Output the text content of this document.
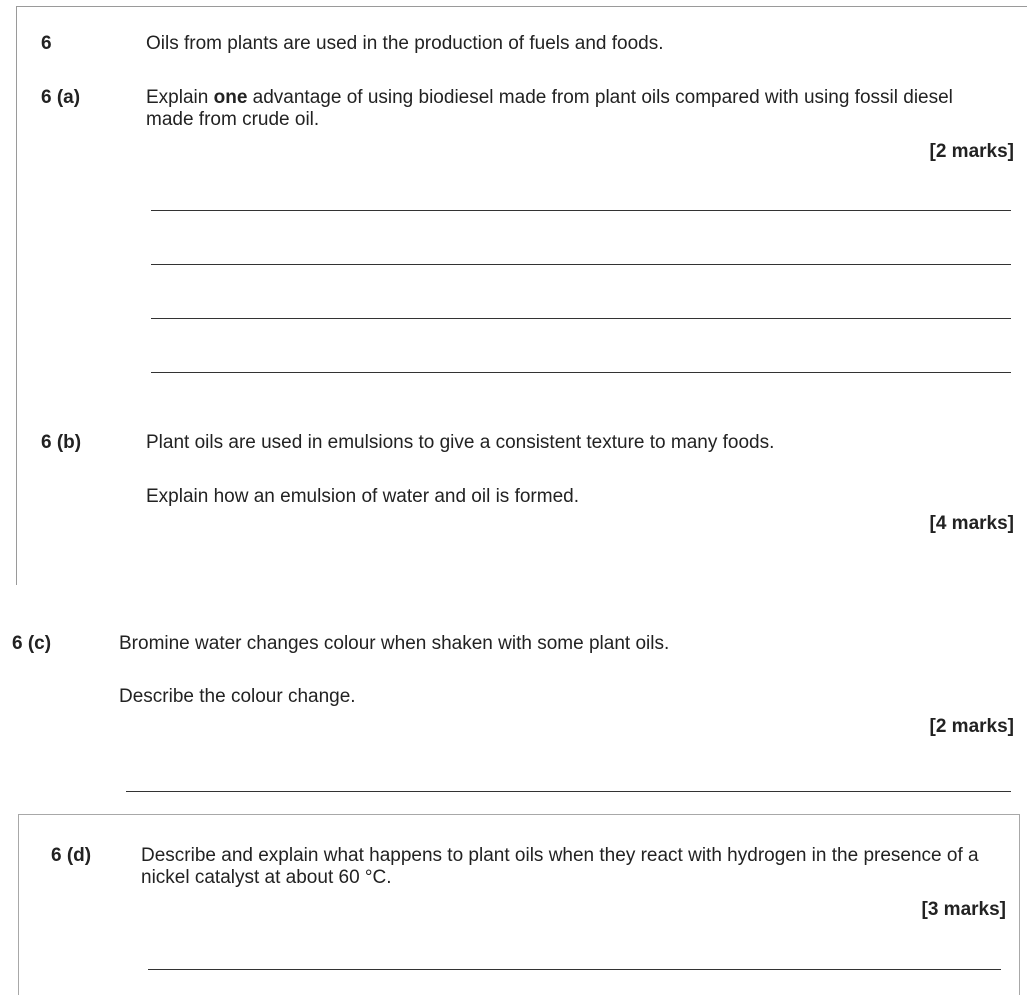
6	Oils from plants are used in the production of fuels and foods.
6 (a)	Explain one advantage of using biodiesel made from plant oils compared with using fossil diesel made from crude oil.
[2 marks]
6 (b)	Plant oils are used in emulsions to give a consistent texture to many foods.
Explain how an emulsion of water and oil is formed.
[4 marks]
6 (c)	Bromine water changes colour when shaken with some plant oils.
Describe the colour change.
[2 marks]
6 (d)	Describe and explain what happens to plant oils when they react with hydrogen in the presence of a nickel catalyst at about 60 °C.
[3 marks]
